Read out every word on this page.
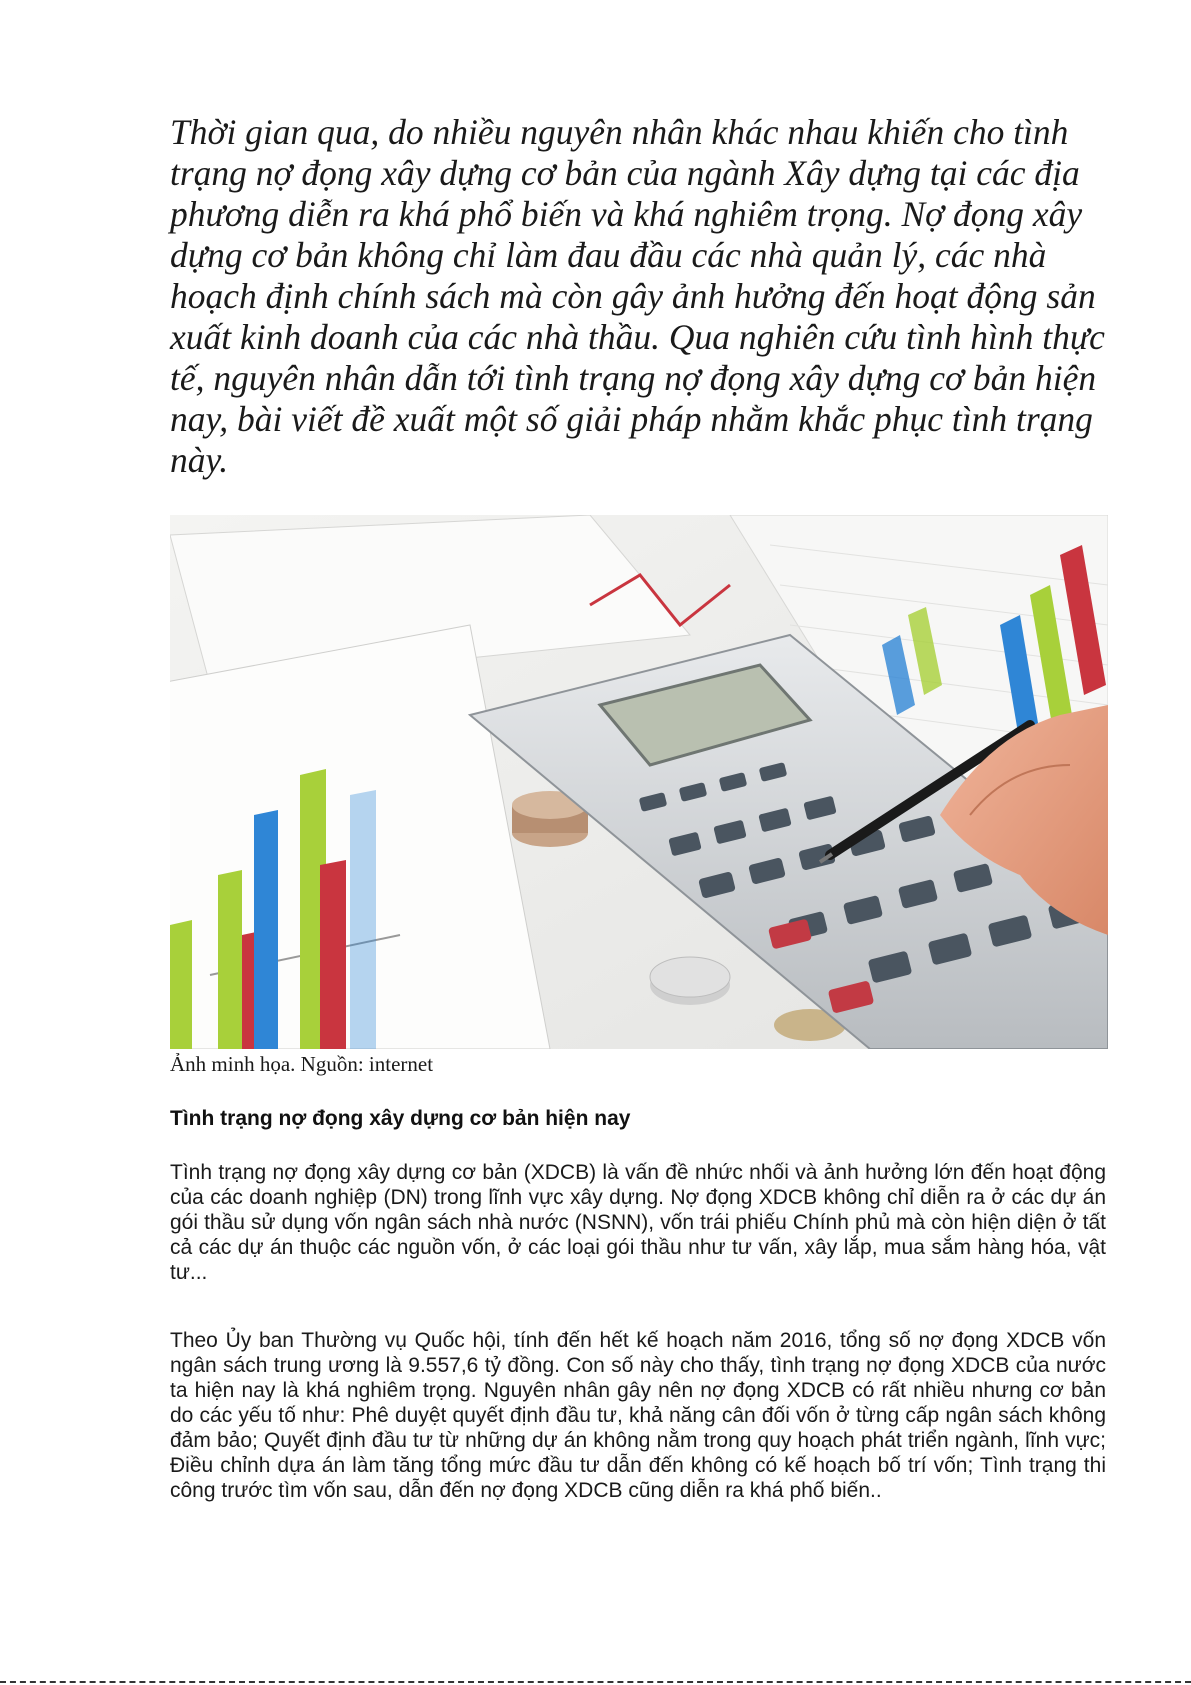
Thời gian qua, do nhiều nguyên nhân khác nhau khiến cho tình trạng nợ đọng xây dựng cơ bản của ngành Xây dựng tại các địa phương diễn ra khá phổ biến và khá nghiêm trọng. Nợ đọng xây dựng cơ bản không chỉ làm đau đầu các nhà quản lý, các nhà hoạch định chính sách mà còn gây ảnh hưởng đến hoạt động sản xuất kinh doanh của các nhà thầu. Qua nghiên cứu tình hình thực tế, nguyên nhân dẫn tới tình trạng nợ đọng xây dựng cơ bản hiện nay, bài viết đề xuất một số giải pháp nhằm khắc phục tình trạng này.

Ảnh minh họa. Nguồn: internet
Tình trạng nợ đọng xây dựng cơ bản hiện nay

Tình trạng nợ đọng xây dựng cơ bản (XDCB) là vấn đề nhức nhối và ảnh hưởng lớn đến hoạt động của các doanh nghiệp (DN) trong lĩnh vực xây dựng. Nợ đọng XDCB không chỉ diễn ra ở các dự án gói thầu sử dụng vốn ngân sách nhà nước (NSNN), vốn trái phiếu Chính phủ mà còn hiện diện ở tất cả các dự án thuộc các nguồn vốn, ở các loại gói thầu như tư vấn, xây lắp, mua sắm hàng hóa, vật tư...

Theo Ủy ban Thường vụ Quốc hội, tính đến hết kế hoạch năm 2016, tổng số nợ đọng XDCB vốn ngân sách trung ương là 9.557,6 tỷ đồng. Con số này cho thấy, tình trạng nợ đọng XDCB của nước ta hiện nay là khá nghiêm trọng. Nguyên nhân gây nên nợ đọng XDCB có rất nhiều nhưng cơ bản do các yếu tố như: Phê duyệt quyết định đầu tư, khả năng cân đối vốn ở từng cấp ngân sách không đảm bảo; Quyết định đầu tư từ những dự án không nằm trong quy hoạch phát triển ngành, lĩnh vực; Điều chỉnh dựa án làm tăng tổng mức đầu tư dẫn đến không có kế hoạch bố trí vốn; Tình trạng thi công trước tìm vốn sau, dẫn đến nợ đọng XDCB cũng diễn ra khá phố biến..
